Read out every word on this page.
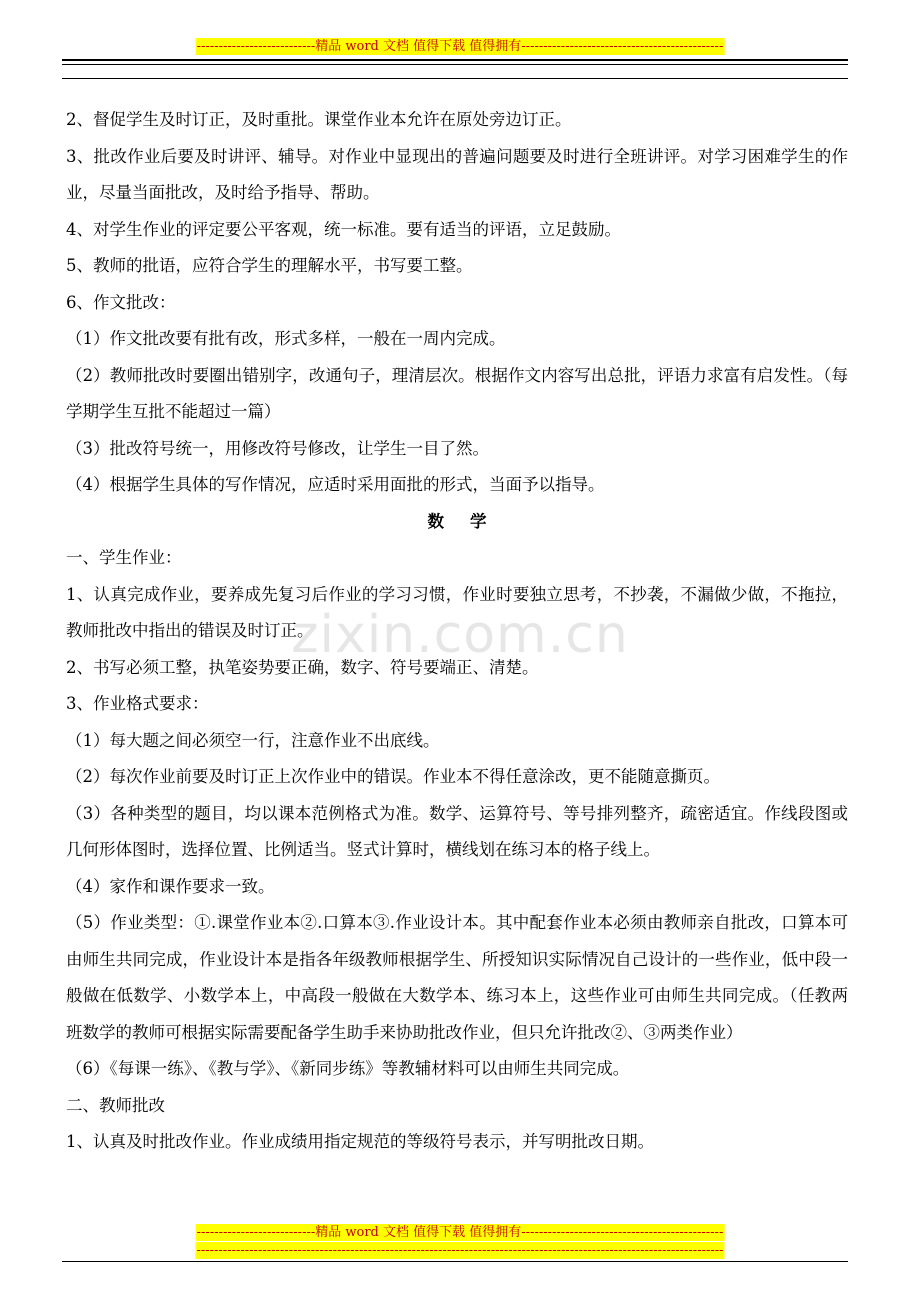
---------------------------精品 word 文档 值得下载 值得拥有----------------------------------------------
zixin.com.cn

2、督促学生及时订正，及时重批。课堂作业本允许在原处旁边订正。

3、批改作业后要及时讲评、辅导。对作业中显现出的普遍问题要及时进行全班讲评。对学习困难学生的作业，尽量当面批改，及时给予指导、帮助。

4、对学生作业的评定要公平客观，统一标准。要有适当的评语，立足鼓励。

5、教师的批语，应符合学生的理解水平，书写要工整。

6、作文批改：

（1）作文批改要有批有改，形式多样，一般在一周内完成。

（2）教师批改时要圈出错别字，改通句子，理清层次。根据作文内容写出总批，评语力求富有启发性。（每学期学生互批不能超过一篇）

（3）批改符号统一，用修改符号修改，让学生一目了然。

（4）根据学生具体的写作情况，应适时采用面批的形式，当面予以指导。

数学

一、学生作业：

1、认真完成作业，要养成先复习后作业的学习习惯，作业时要独立思考，不抄袭，不漏做少做，不拖拉，教师批改中指出的错误及时订正。

2、书写必须工整，执笔姿势要正确，数字、符号要端正、清楚。

3、作业格式要求：

（1）每大题之间必须空一行，注意作业不出底线。

（2）每次作业前要及时订正上次作业中的错误。作业本不得任意涂改，更不能随意撕页。

（3）各种类型的题目，均以课本范例格式为准。数学、运算符号、等号排列整齐，疏密适宜。作线段图或几何形体图时，选择位置、比例适当。竖式计算时，横线划在练习本的格子线上。

（4）家作和课作要求一致。

（5）作业类型：①.课堂作业本②.口算本③.作业设计本。其中配套作业本必须由教师亲自批改，口算本可由师生共同完成，作业设计本是指各年级教师根据学生、所授知识实际情况自己设计的一些作业，低中段一般做在低数学、小数学本上，中高段一般做在大数学本、练习本上，这些作业可由师生共同完成。（任教两班数学的教师可根据实际需要配备学生助手来协助批改作业，但只允许批改②、③两类作业）

（6）《每课一练》、《教与学》、《新同步练》等教辅材料可以由师生共同完成。

二、教师批改

1、认真及时批改作业。作业成绩用指定规范的等级符号表示，并写明批改日期。

---------------------------精品 word 文档 值得下载 值得拥有----------------------------------------------
------------------------------------------------------------------------------------------------------------------------
